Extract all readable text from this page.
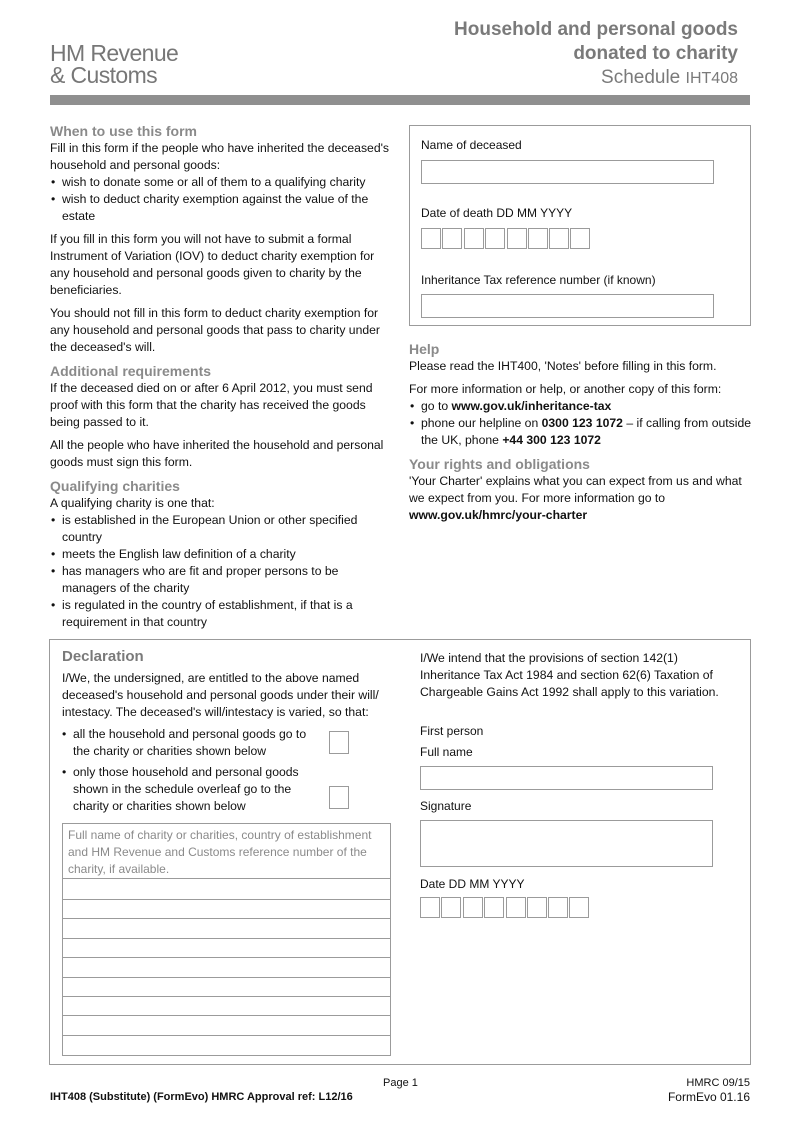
HM Revenue
& Customs
Household and personal goods
donated to charity
Schedule IHT408
When to use this form

Fill in this form if the people who have inherited the deceased's household and personal goods:

• wish to donate some or all of them to a qualifying charity
• wish to deduct charity exemption against the value of the estate

If you fill in this form you will not have to submit a formal Instrument of Variation (IOV) to deduct charity exemption for any household and personal goods given to charity by the beneficiaries.

You should not fill in this form to deduct charity exemption for any household and personal goods that pass to charity under the deceased's will.

Additional requirements

If the deceased died on or after 6 April 2012, you must send proof with this form that the charity has received the goods being passed to it.

All the people who have inherited the household and personal goods must sign this form.

Qualifying charities

A qualifying charity is one that:

• is established in the European Union or other specified country
• meets the English law definition of a charity
• has managers who are fit and proper persons to be managers of the charity
• is regulated in the country of establishment, if that is a requirement in that country
Name of deceased
Date of death DD MM YYYY
Inheritance Tax reference number (if known)
Help

Please read the IHT400, 'Notes' before filling in this form.

For more information or help, or another copy of this form:

• go to www.gov.uk/inheritance-tax
• phone our helpline on 0300 123 1072 – if calling from outside the UK, phone +44 300 123 1072
Your rights and obligations

'Your Charter' explains what you can expect from us and what we expect from you. For more information go to

www.gov.uk/hmrc/your-charter
Declaration
I/We, the undersigned, are entitled to the above named deceased's household and personal goods under their will/ intestacy. The deceased's will/intestacy is varied, so that:
• all the household and personal goods go to the charity or charities shown below
• only those household and personal goods shown in the schedule overleaf go to the charity or charities shown below
Full name of charity or charities, country of establishment and HM Revenue and Customs reference number of the charity, if available.
I/We intend that the provisions of section 142(1) Inheritance Tax Act 1984 and section 62(6) Taxation of Chargeable Gains Act 1992 shall apply to this variation.
First person
Full name
Signature
Date DD MM YYYY
Page 1
IHT408 (Substitute) (FormEvo) HMRC Approval ref: L12/16
HMRC 09/15
FormEvo 01.16
